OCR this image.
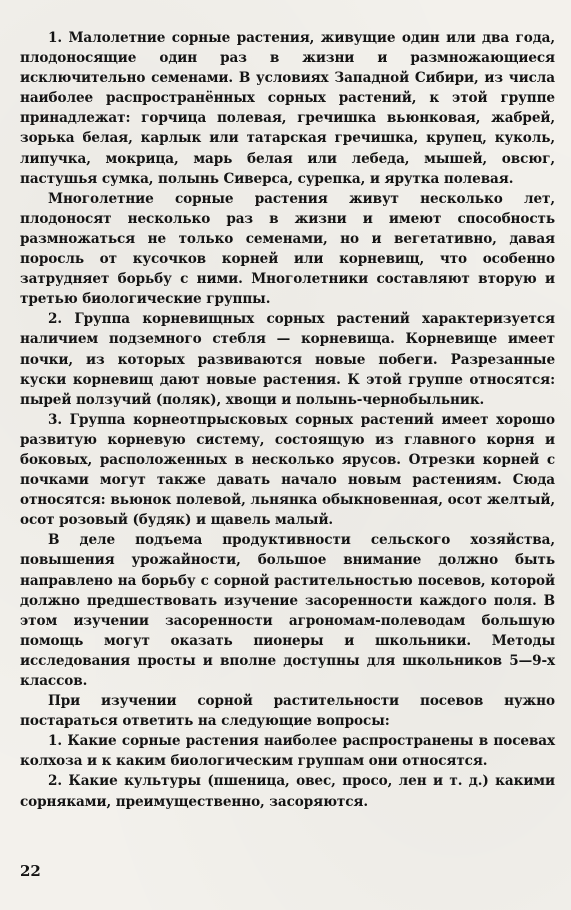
1. Малолетние сорные растения, живущие один или два года, плодоносящие один раз в жизни и размножающиеся исключительно семенами. В условиях Западной Сибири, из числа наиболее распространённых сорных растений, к этой группе принадлежат: горчица полевая, гречишка вьюнковая, жабрей, зорька белая, карлык или татарская гречишка, крупец, куколь, липучка, мокрица, марь белая или лебеда, мышей, овсюг, пастушья сумка, полынь Сиверса, сурепка, и ярутка полевая.

Многолетние сорные растения живут несколько лет, плодоносят несколько раз в жизни и имеют способность размножаться не только семенами, но и вегетативно, давая поросль от кусочков корней или корневищ, что особенно затрудняет борьбу с ними. Многолетники составляют вторую и третью биологические группы.

2. Группа корневищных сорных растений характеризуется наличием подземного стебля — корневища. Корневище имеет почки, из которых развиваются новые побеги. Разрезанные куски корневищ дают новые растения. К этой группе относятся: пырей ползучий (поляк), хвощи и полынь-чернобыльник.

3. Группа корнеотпрысковых сорных растений имеет хорошо развитую корневую систему, состоящую из главного корня и боковых, расположенных в несколько ярусов. Отрезки корней с почками могут также давать начало новым растениям. Сюда относятся: вьюнок полевой, льнянка обыкновенная, осот желтый, осот розовый (будяк) и щавель малый.

В деле подъема продуктивности сельского хозяйства, повышения урожайности, большое внимание должно быть направлено на борьбу с сорной растительностью посевов, которой должно предшествовать изучение засоренности каждого поля. В этом изучении засоренности агрономам-полеводам большую помощь могут оказать пионеры и школьники. Методы исследования просты и вполне доступны для школьников 5—9-х классов.

При изучении сорной растительности посевов нужно постараться ответить на следующие вопросы:

1. Какие сорные растения наиболее распространены в посевах колхоза и к каким биологическим группам они относятся.

2. Какие культуры (пшеница, овес, просо, лен и т. д.) какими сорняками, преимущественно, засоряются.

22
